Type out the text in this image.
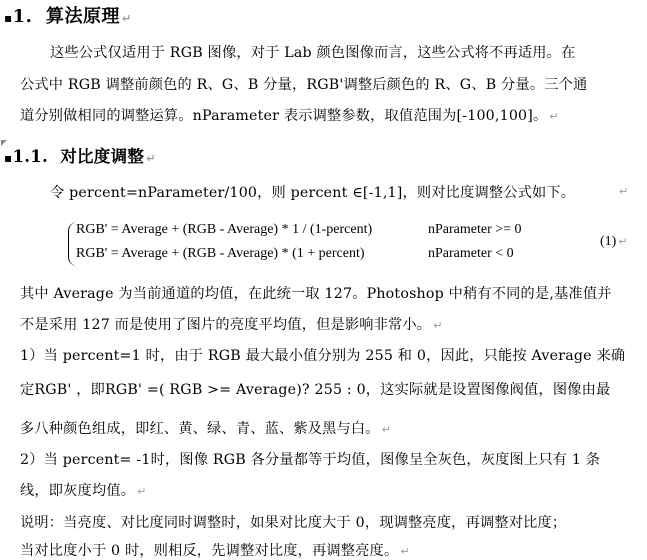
▪1. 算法原理 ↵
这些公式仅适用于 RGB 图像，对于 Lab 颜色图像而言，这些公式将不再适用。在
公式中 RGB 调整前颜色的 R、G、B 分量，RGB'调整后颜色的 R、G、B 分量。三个通
道分别做相同的调整运算。nParameter 表示调整参数，取值范围为[-100,100]。 ↵
▪1.1. 对比度调整 ↵
令 percent=nParameter/100，则 percent ∈[-1,1]，则对比度调整公式如下。	↵
RGB' = Average + (RGB - Average) * 1 / (1-percent)	nParameter >= 0
RGB' = Average + (RGB - Average) * (1 + percent)	nParameter < 0
(1) ↵
其中 Average 为当前通道的均值，在此统一取 127。Photoshop 中稍有不同的是,基准值并
不是采用 127 而是使用了图片的亮度平均值，但是影响非常小。 ↵
1）当 percent=1 时，由于 RGB 最大最小值分别为 255 和 0，因此，只能按 Average 来确
定RGB' ，即RGB' =( RGB >= Average)? 255 : 0，这实际就是设置图像阀值，图像由最
多八种颜色组成，即红、黄、绿、青、蓝、紫及黑与白。 ↵
2）当 percent= -1时，图像 RGB 各分量都等于均值，图像呈全灰色，灰度图上只有 1 条
线，即灰度均值。 ↵
说明：当亮度、对比度同时调整时，如果对比度大于 0，现调整亮度，再调整对比度；
当对比度小于 0 时，则相反，先调整对比度，再调整亮度。 ↵
